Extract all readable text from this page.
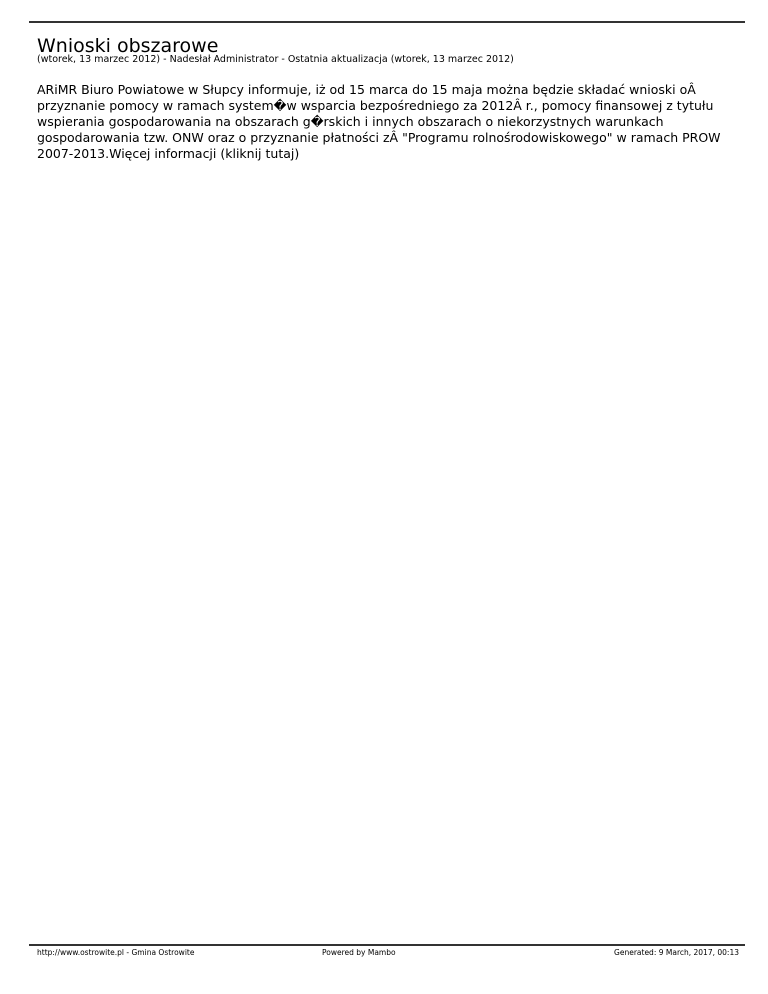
Wnioski obszarowe
(wtorek, 13 marzec 2012) - Nadesłał Administrator - Ostatnia aktualizacja (wtorek, 13 marzec 2012)

ARiMR Biuro Powiatowe w Słupcy informuje, iż od 15 marca do 15 maja można będzie składać wnioski oÂ przyznanie pomocy w ramach system�w wsparcia bezpośredniego za 2012Â r., pomocy finansowej z tytułu wspierania gospodarowania na obszarach g�rskich i innych obszarach o niekorzystnych warunkach gospodarowania tzw. ONW oraz o przyznanie płatności zÂ "Programu rolnośrodowiskowego" w ramach PROW 2007-2013.Więcej informacji (kliknij tutaj)

http://www.ostrowite.pl - Gmina Ostrowite	Powered by Mambo	Generated: 9 March, 2017, 00:13
